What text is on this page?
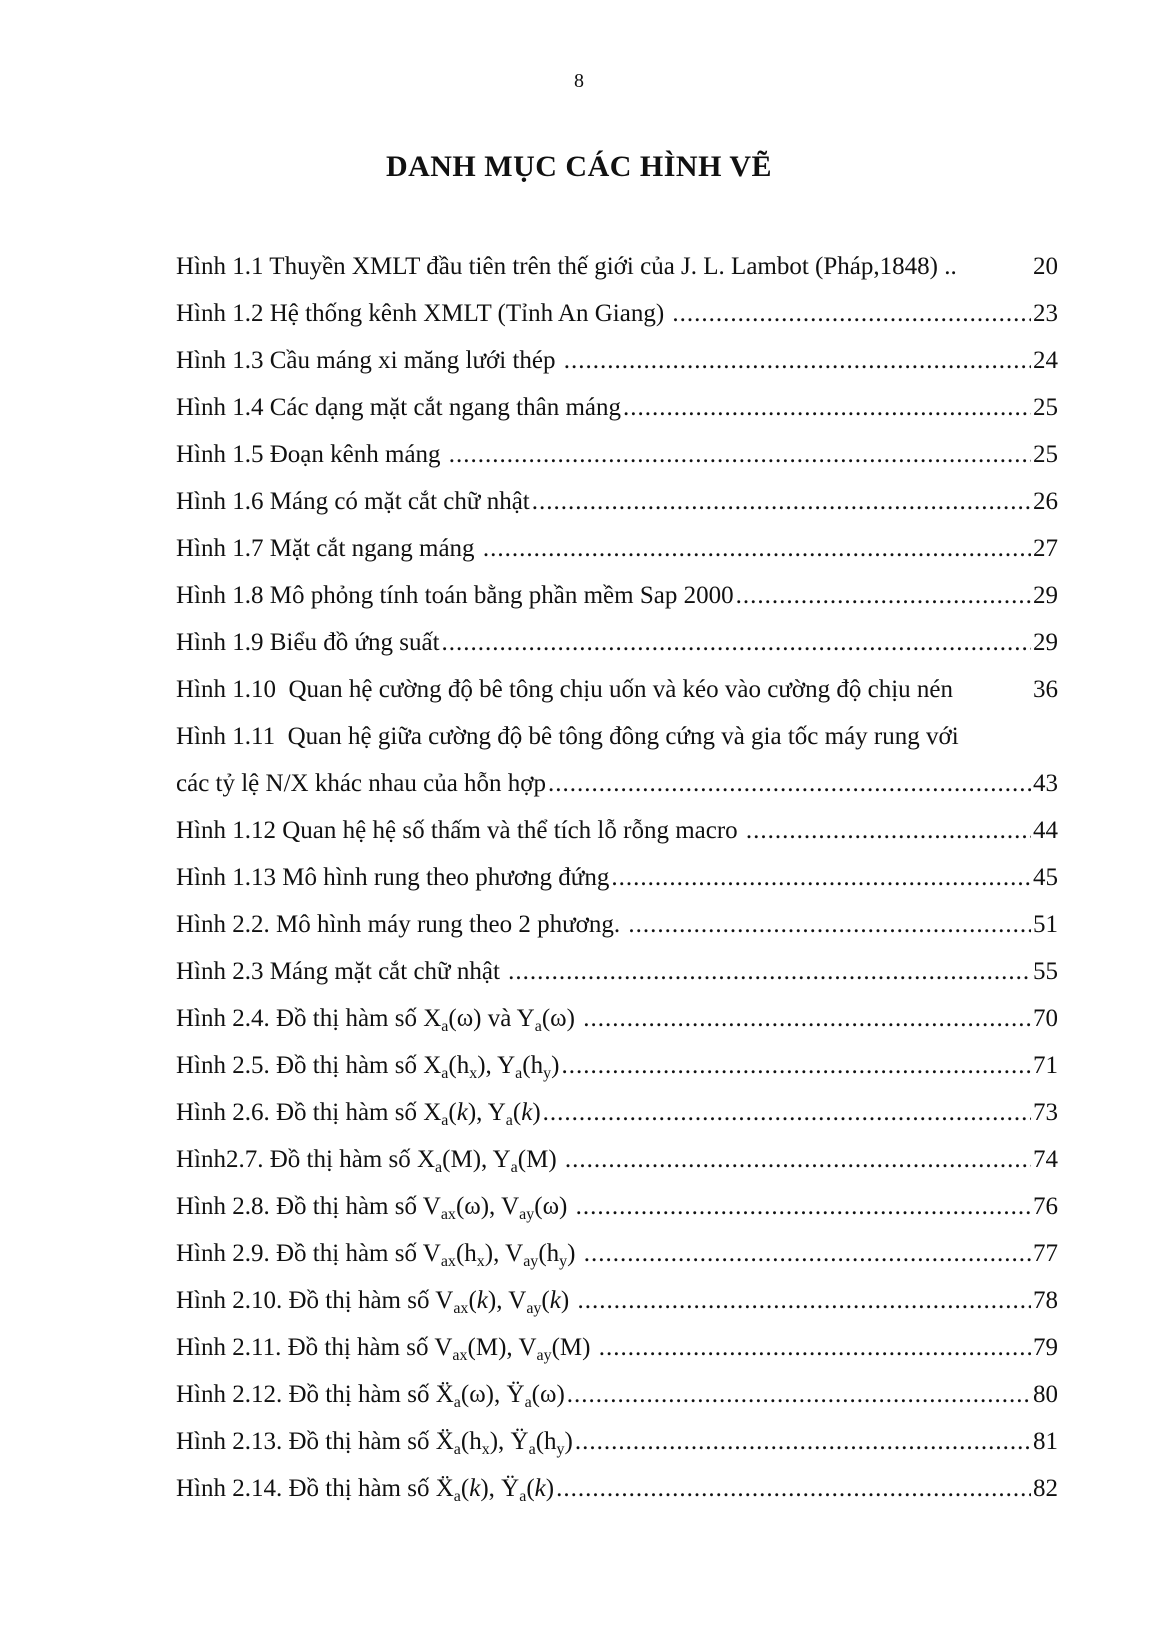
8
DANH MỤC CÁC HÌNH VẼ
Hình 1.1 Thuyền XMLT đầu tiên trên thế giới của J. L. Lambot (Pháp,1848) ..	20
Hình 1.2 Hệ thống kênh XMLT (Tỉnh An Giang) .....	23
Hình 1.3 Cầu máng xi măng lưới thép .....	24
Hình 1.4 Các dạng mặt cắt ngang thân máng .....	25
Hình 1.5 Đoạn kênh máng .....	25
Hình 1.6 Máng có mặt cắt chữ nhật .....	26
Hình 1.7 Mặt cắt ngang máng .....	27
Hình 1.8 Mô phỏng tính toán bằng phần mềm Sap 2000 .....	29
Hình 1.9 Biểu đồ ứng suất .....	29
Hình 1.10  Quan hệ cường độ bê tông chịu uốn và kéo vào cường độ chịu nén	36
Hình 1.11  Quan hệ giữa cường độ bê tông đông cứng và gia tốc máy rung với
các tỷ lệ N/X khác nhau của hỗn hợp .....	43
Hình 1.12 Quan hệ hệ số thấm và thể tích lỗ rỗng macro .....	44
Hình 1.13 Mô hình rung theo phương đứng .....	45
Hình 2.2. Mô hình máy rung theo 2 phương. .....	51
Hình 2.3 Máng mặt cắt chữ nhật .....	55
Hình 2.4. Đồ thị hàm số $X_a(\omega)$ và $Y_a(\omega)$ .....	70
Hình 2.5. Đồ thị hàm số $X_a(h_x)$, $Y_a(h_y)$ .....	71
Hình 2.6. Đồ thị hàm số $X_a(k)$, $Y_a(k)$ .....	73
Hình2.7. Đồ thị hàm số $X_a(M)$, $Y_a(M)$ .....	74
Hình 2.8. Đồ thị hàm số $V_{ax}(\omega)$, $V_{ay}(\omega)$ .....	76
Hình 2.9. Đồ thị hàm số $V_{ax}(h_x)$, $V_{ay}(h_y)$ .....	77
Hình 2.10. Đồ thị hàm số $V_{ax}(k)$, $V_{ay}(k)$ .....	78
Hình 2.11. Đồ thị hàm số $V_{ax}(M)$, $V_{ay}(M)$ .....	79
Hình 2.12. Đồ thị hàm số Ẍ$_a$(ω), $Ÿ_a(\omega)$ .....	80
Hình 2.13. Đồ thị hàm số $Ẍ_a(h_x)$, $Ÿ_a(h_y)$ .....	81
Hình 2.14. Đồ thị hàm số Ẍ$_a$(k), $Ÿ_a(k)$ .....	82
